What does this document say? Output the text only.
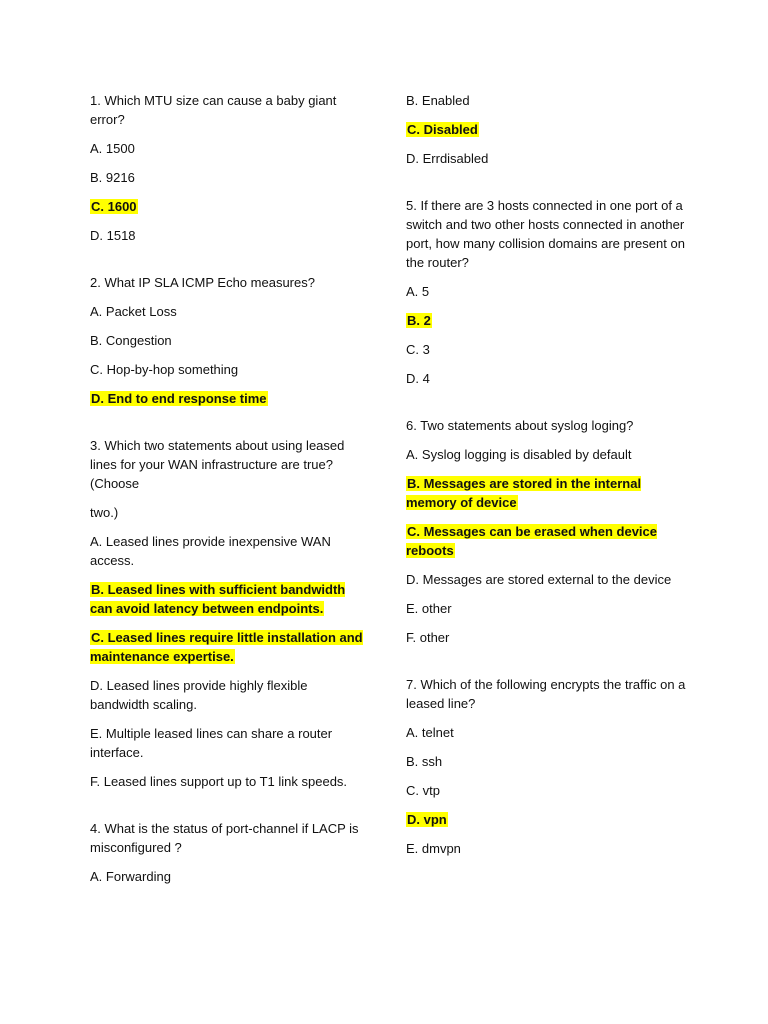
1. Which MTU size can cause a baby giant error?
A. 1500
B. 9216
C. 1600
D. 1518
2. What IP SLA ICMP Echo measures?
A. Packet Loss
B. Congestion
C. Hop-by-hop something
D. End to end response time
3. Which two statements about using leased lines for your WAN infrastructure are true? (Choose
two.)
A. Leased lines provide inexpensive WAN access.
B. Leased lines with sufficient bandwidth can avoid latency between endpoints.
C. Leased lines require little installation and maintenance expertise.
D. Leased lines provide highly flexible bandwidth scaling.
E. Multiple leased lines can share a router interface.
F. Leased lines support up to T1 link speeds.
4. What is the status of port-channel if LACP is misconfigured ?
A. Forwarding
B. Enabled
C. Disabled
D. Errdisabled
5. If there are 3 hosts connected in one port of a switch and two other hosts connected in another port, how many collision domains are present on the router?
A. 5
B. 2
C. 3
D. 4
6. Two statements about syslog loging?
A. Syslog logging is disabled by default
B. Messages are stored in the internal memory of device
C. Messages can be erased when device reboots
D. Messages are stored external to the device
E. other
F. other
7. Which of the following encrypts the traffic on a leased line?
A. telnet
B. ssh
C. vtp
D. vpn
E. dmvpn
